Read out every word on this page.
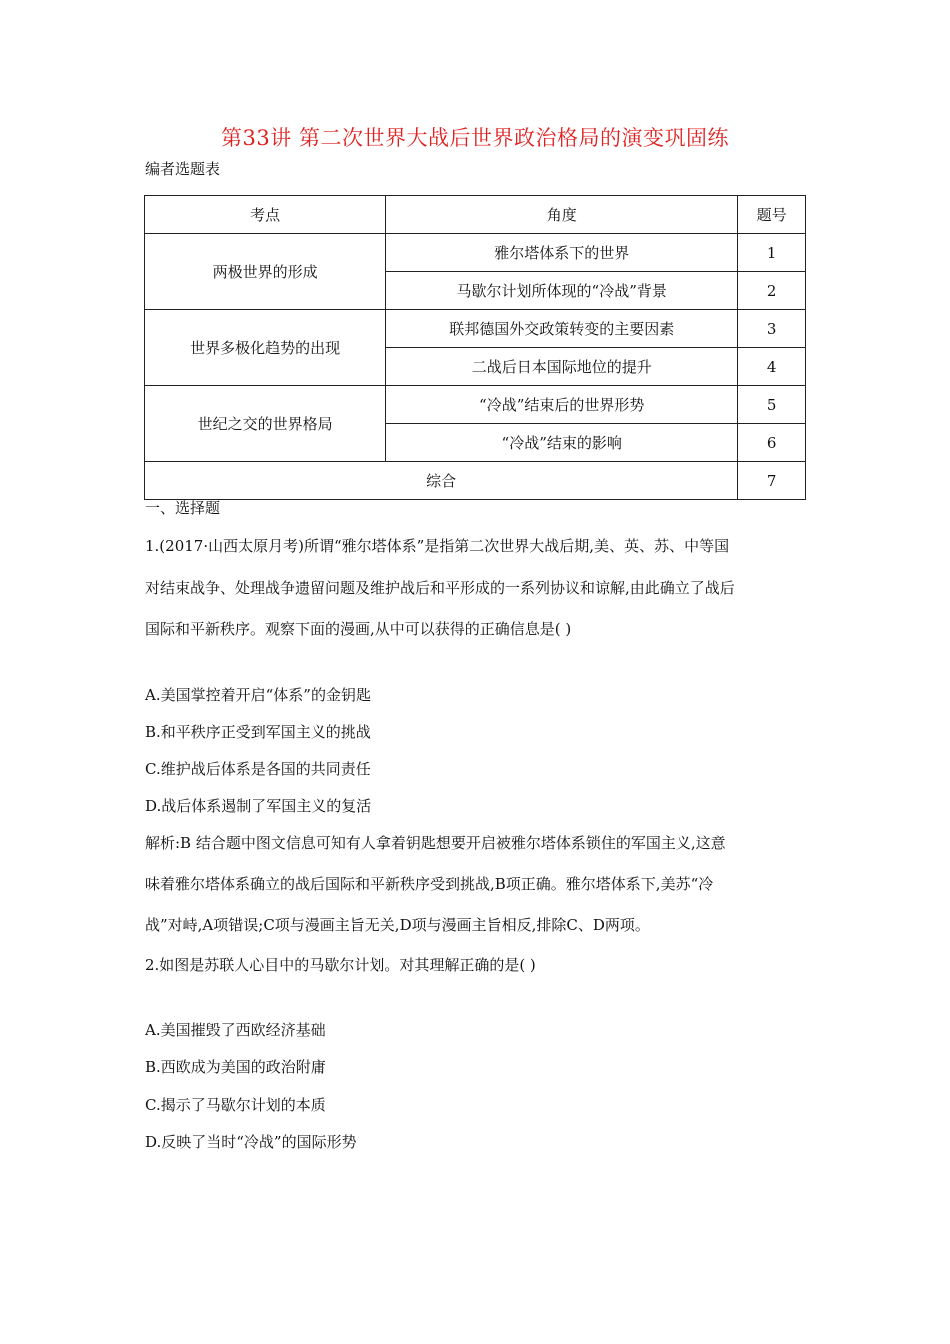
第33讲 第二次世界大战后世界政治格局的演变巩固练
编者选题表
考点	角度	题号
两极世界的形成	雅尔塔体系下的世界	1
	马歇尔计划所体现的“冷战”背景	2
世界多极化趋势的出现	联邦德国外交政策转变的主要因素	3
	二战后日本国际地位的提升	4
世纪之交的世界格局	“冷战”结束后的世界形势	5
	“冷战”结束的影响	6
综合		7
一、选择题
1.(2017·山西太原月考)所谓“雅尔塔体系”是指第二次世界大战后期,美、英、苏、中等国
对结束战争、处理战争遗留问题及维护战后和平形成的一系列协议和谅解,由此确立了战后
国际和平新秩序。观察下面的漫画,从中可以获得的正确信息是( )
A.美国掌控着开启“体系”的金钥匙
B.和平秩序正受到军国主义的挑战
C.维护战后体系是各国的共同责任
D.战后体系遏制了军国主义的复活
解析:B 结合题中图文信息可知有人拿着钥匙想要开启被雅尔塔体系锁住的军国主义,这意
味着雅尔塔体系确立的战后国际和平新秩序受到挑战,B项正确。雅尔塔体系下,美苏“冷
战”对峙,A项错误;C项与漫画主旨无关,D项与漫画主旨相反,排除C、D两项。
2.如图是苏联人心目中的马歇尔计划。对其理解正确的是( )
A.美国摧毁了西欧经济基础
B.西欧成为美国的政治附庸
C.揭示了马歇尔计划的本质
D.反映了当时“冷战”的国际形势
